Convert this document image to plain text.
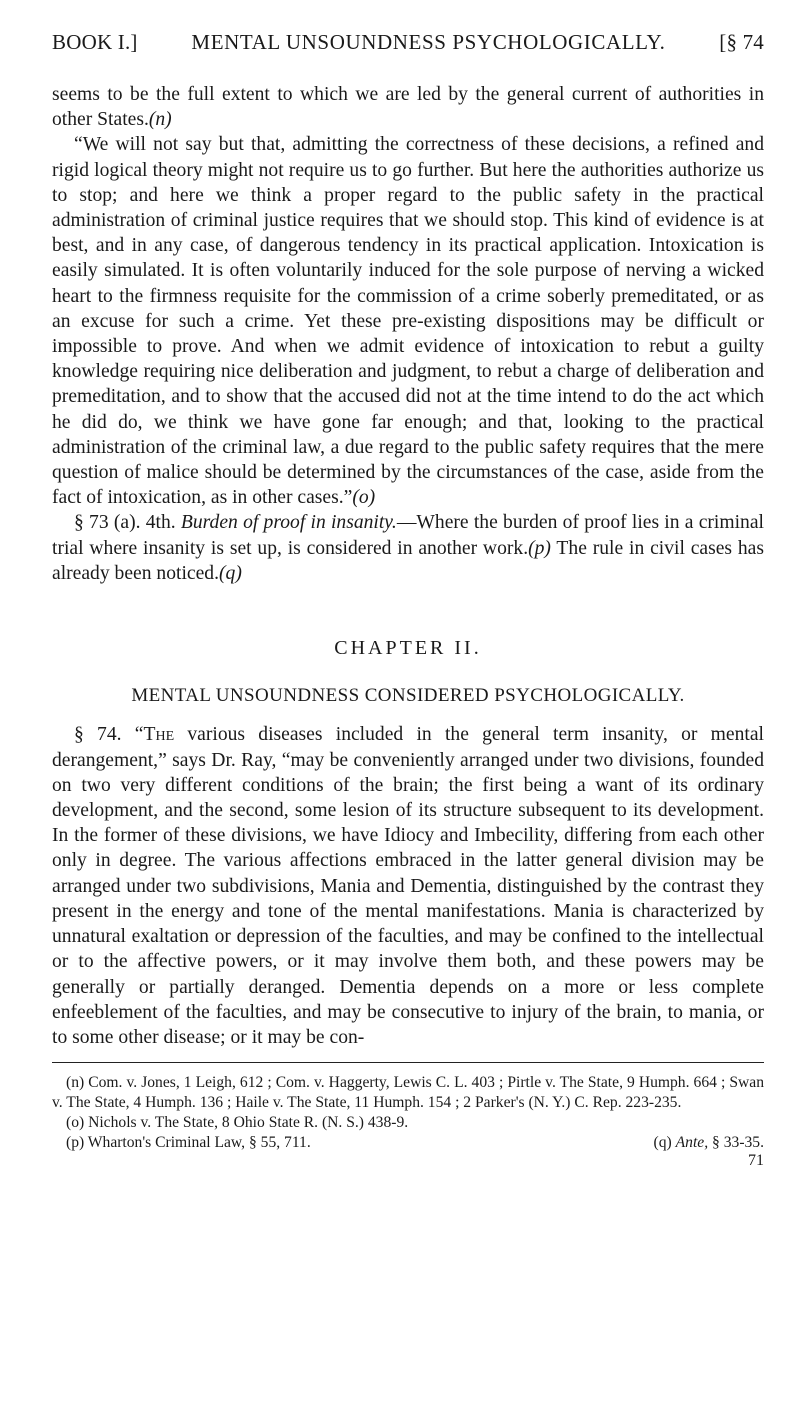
BOOK I.]	MENTAL UNSOUNDNESS PSYCHOLOGICALLY.	[§ 74

seems to be the full extent to which we are led by the general current of authorities in other States.(n)

“We will not say but that, admitting the correctness of these decisions, a refined and rigid logical theory might not require us to go further. But here the authorities authorize us to stop; and here we think a proper regard to the public safety in the practical administration of criminal justice requires that we should stop. This kind of evidence is at best, and in any case, of dangerous tendency in its practical application. Intoxication is easily simulated. It is often voluntarily induced for the sole purpose of nerving a wicked heart to the firmness requisite for the commission of a crime soberly premeditated, or as an excuse for such a crime. Yet these pre-existing dispositions may be difficult or impossible to prove. And when we admit evidence of intoxication to rebut a guilty knowledge requiring nice deliberation and judgment, to rebut a charge of deliberation and premeditation, and to show that the accused did not at the time intend to do the act which he did do, we think we have gone far enough; and that, looking to the practical administration of the criminal law, a due regard to the public safety requires that the mere question of malice should be determined by the circumstances of the case, aside from the fact of intoxication, as in other cases.”(o)

§ 73 (a). 4th. Burden of proof in insanity.—Where the burden of proof lies in a criminal trial where insanity is set up, is considered in another work.(p) The rule in civil cases has already been noticed.(q)

CHAPTER II.
MENTAL UNSOUNDNESS CONSIDERED PSYCHOLOGICALLY.

§ 74. “The various diseases included in the general term insanity, or mental derangement,” says Dr. Ray, “may be conveniently arranged under two divisions, founded on two very different conditions of the brain; the first being a want of its ordinary development, and the second, some lesion of its structure subsequent to its development. In the former of these divisions, we have Idiocy and Imbecility, differing from each other only in degree. The various affections embraced in the latter general division may be arranged under two subdivisions, Mania and Dementia, distinguished by the contrast they present in the energy and tone of the mental manifestations. Mania is characterized by unnatural exaltation or depression of the faculties, and may be confined to the intellectual or to the affective powers, or it may involve them both, and these powers may be generally or partially deranged. Dementia depends on a more or less complete enfeeblement of the faculties, and may be consecutive to injury of the brain, to mania, or to some other disease; or it may be con-

(n) Com. v. Jones, 1 Leigh, 612 ; Com. v. Haggerty, Lewis C. L. 403 ; Pirtle v. The State, 9 Humph. 664 ; Swan v. The State, 4 Humph. 136 ; Haile v. The State, 11 Humph. 154 ; 2 Parker's (N. Y.) C. Rep. 223-235.

(o) Nichols v. The State, 8 Ohio State R. (N. S.) 438-9.

(p) Wharton's Criminal Law, § 55, 711.	(q) Ante, § 33-35.
71
